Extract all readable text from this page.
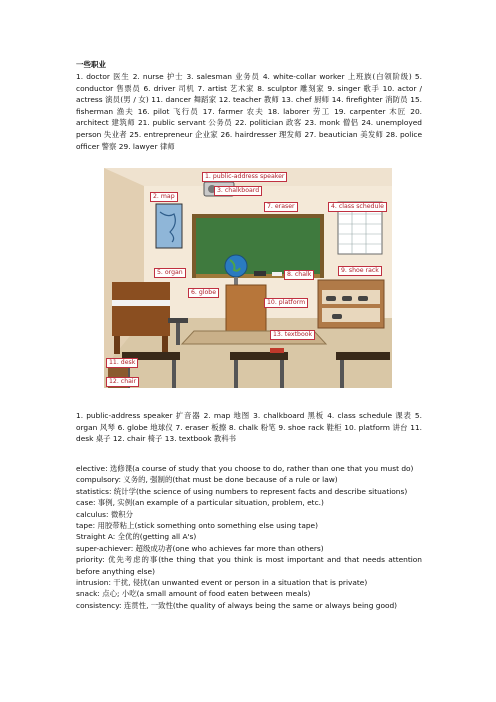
一些职业
1. doctor 医生 2. nurse 护士 3. salesman 业务员 4. white-collar worker 上班族(白领阶级) 5. conductor 售票员 6. driver 司机 7. artist 艺术家 8. sculptor 雕刻家 9. singer 歌手 10. actor / actress 演员(男 / 女) 11. dancer 舞蹈家 12. teacher 教师 13. chef 厨师 14. firefighter 消防员 15. fisherman 渔夫 16. pilot 飞行员 17. farmer 农夫 18. laborer 劳工 19. carpenter 木匠 20. architect 建筑师 21. public servant 公务员 22. politician 政客 23. monk 僧侣 24. unemployed person 失业者 25. entrepreneur 企业家 26. hairdresser 理发师 27. beautician 美发师 28. police officer 警察 29. lawyer 律师
2. map
1. public-address speaker
3. chalkboard
7. eraser	4. class schedule
5. organ
6. globe
8. chalk
9. shoe rack
10. platform
13. textbook
11. desk
12. chair
1. public-address speaker 扩音器 2. map 地图 3. chalkboard 黑板 4. class schedule 课表 5. organ 风琴 6. globe 地球仪 7. eraser 板擦 8. chalk 粉笔 9. shoe rack 鞋柜 10. platform 讲台 11. desk 桌子 12. chair 椅子 13. textbook 教科书
elective: 选修课(a course of study that you choose to do, rather than one that you must do)
compulsory: 义务的, 强制的(that must be done because of a rule or law)
statistics: 统计学(the science of using numbers to represent facts and describe situations)
case: 事例, 实例(an example of a particular situation, problem, etc.)
calculus: 微积分
tape: 用胶带粘上(stick something onto something else using tape)
Straight A: 全优的(getting all A's)
super-achiever: 超级成功者(one who achieves far more than others)
priority: 优先考虑的事(the thing that you think is most important and that needs attention before anything else)
intrusion: 干扰, 侵扰(an unwanted event or person in a situation that is private)
snack: 点心; 小吃(a small amount of food eaten between meals)
consistency: 连贯性, 一致性(the quality of always being the same or always being good)
